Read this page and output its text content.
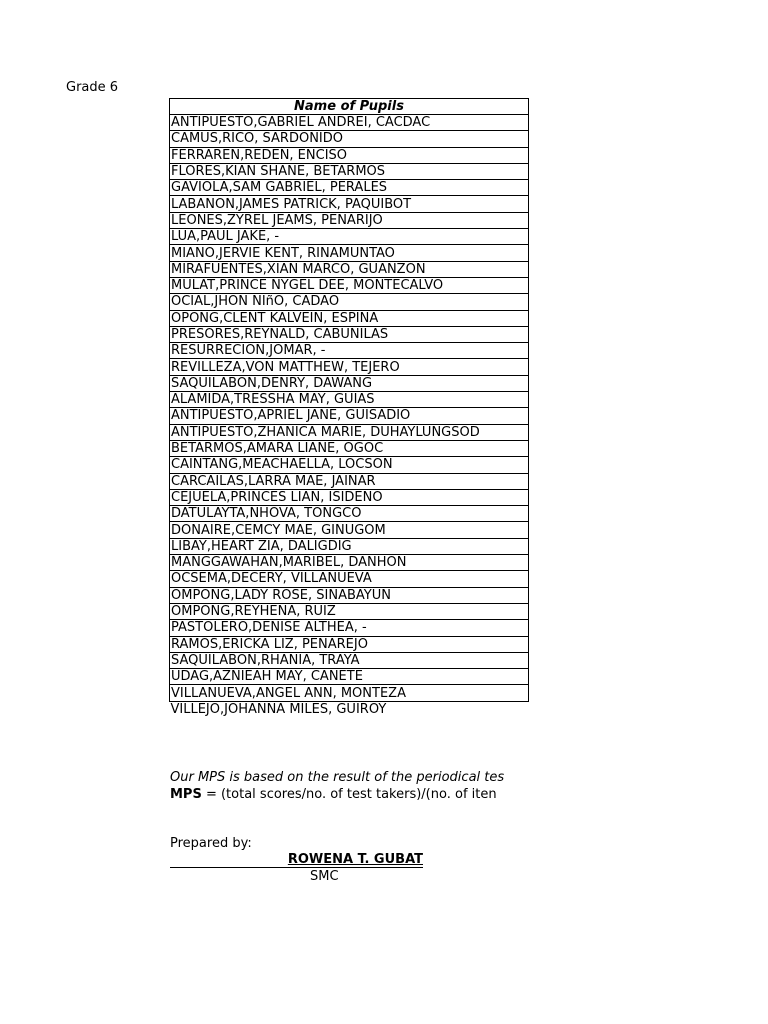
Grade 6
Name of Pupils
ANTIPUESTO,GABRIEL ANDREI, CACDAC
CAMUS,RICO, SARDONIDO
FERRAREN,REDEN, ENCISO
FLORES,KIAN SHANE, BETARMOS
GAVIOLA,SAM GABRIEL, PERALES
LABANON,JAMES PATRICK, PAQUIBOT
LEONES,ZYREL JEAMS, PENARIJO
LUA,PAUL JAKE, -
MIANO,JERVIE KENT, RINAMUNTAO
MIRAFUENTES,XIAN MARCO, GUANZON
MULAT,PRINCE NYGEL DEE, MONTECALVO
OCIAL,JHON NIñO, CADAO
OPONG,CLENT KALVEIN, ESPINA
PRESORES,REYNALD, CABUNILAS
RESURRECION,JOMAR, -
REVILLEZA,VON MATTHEW, TEJERO
SAQUILABON,DENRY, DAWANG
ALAMIDA,TRESSHA MAY, GUIAS
ANTIPUESTO,APRIEL JANE, GUISADIO
ANTIPUESTO,ZHANICA MARIE, DUHAYLUNGSOD
BETARMOS,AMARA LIANE, OGOC
CAINTANG,MEACHAELLA, LOCSON
CARCAILAS,LARRA MAE, JAINAR
CEJUELA,PRINCES LIAN, ISIDEÑO
DATULAYTA,NHOVA, TONGCO
DONAIRE,CEMCY MAE, GINUGOM
LIBAY,HEART ZIA, DALIGDIG
MANGGAWAHAN,MARIBEL, DANHON
OCSEMA,DECERY, VILLANUEVA
OMPONG,LADY ROSE, SINABAYUN
OMPONG,REYHENA, RUIZ
PASTOLERO,DENISE ALTHEA, -
RAMOS,ERICKA LIZ, PENAREJO
SAQUILABON,RHANIA, TRAYA
UDAG,AZNIEAH MAY, CANETE
VILLANUEVA,ANGEL ANN, MONTEZA
VILLEJO,JOHANNA MILES, GUIROY
Our MPS is based on the result of the periodical tes
MPS = (total scores/no. of test takers)/(no. of iten
Prepared by:
ROWENA T. GUBAT
SMC
